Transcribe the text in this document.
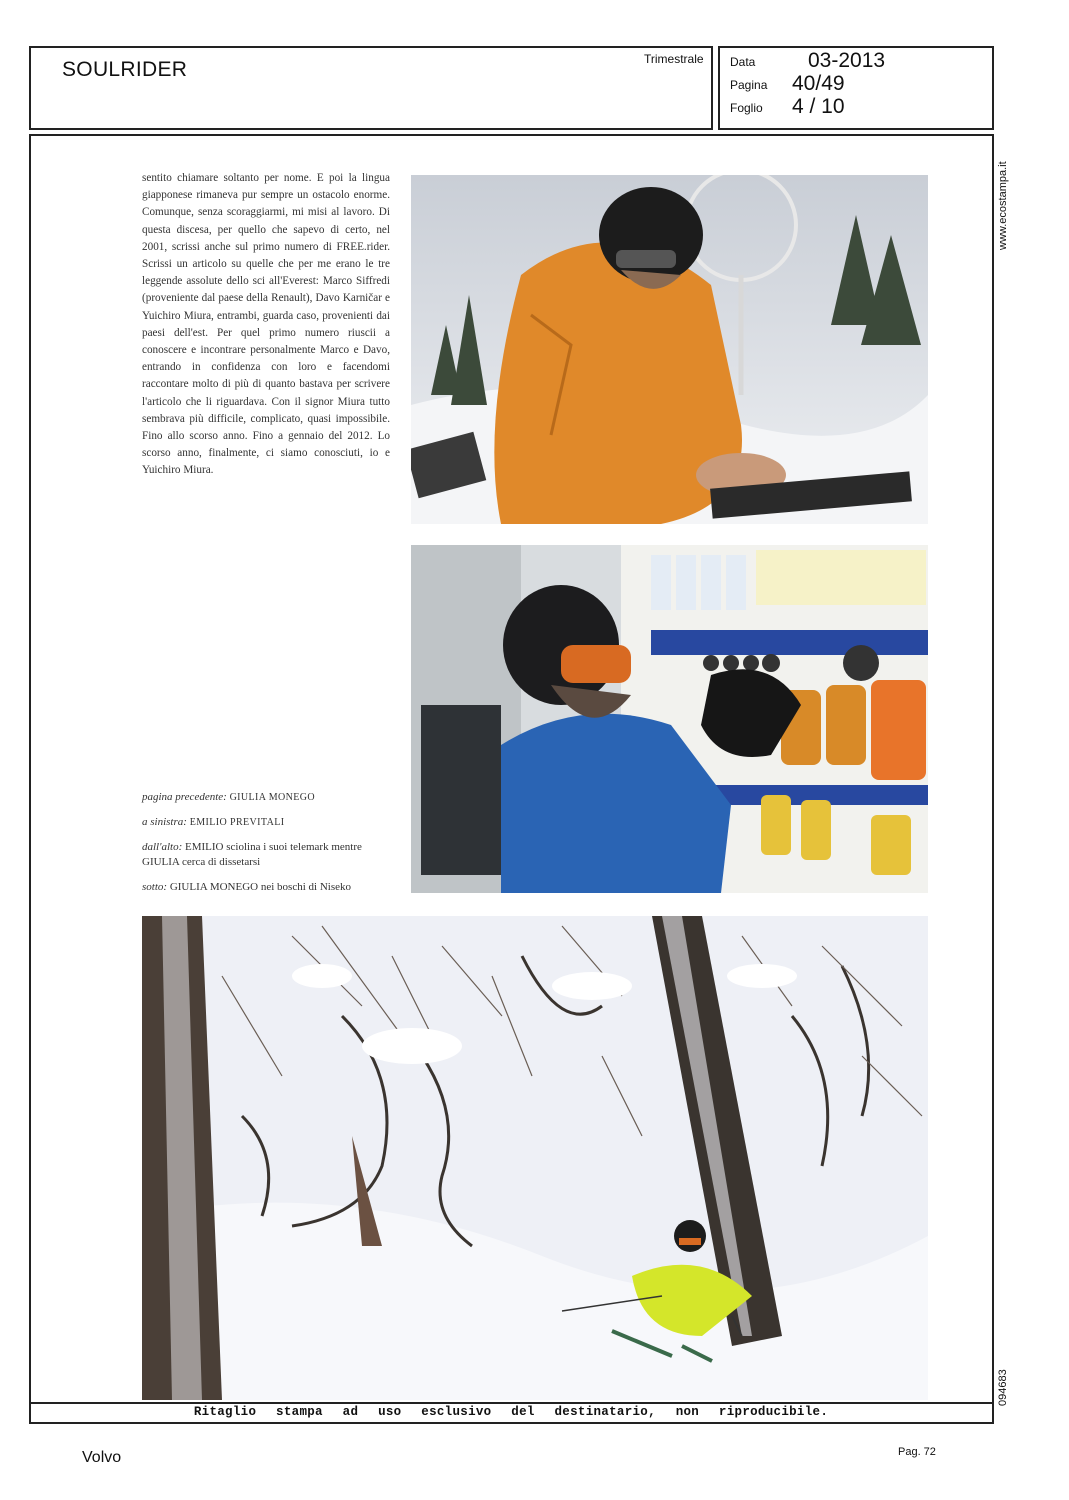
SOULRIDER	Trimestrale Data	03-2013
Pagina 40/49
Foglio 4 / 10
www.ecostampa.it
094683
sentito chiamare soltanto per nome. E poi la lingua giapponese rimaneva pur sempre un ostacolo enorme. Comunque, senza scoraggiarmi, mi misi al lavoro. Di questa discesa, per quello che sapevo di certo, nel 2001, scrissi anche sul primo numero di FREE.rider. Scrissi un articolo su quelle che per me erano le tre leggende assolute dello sci all'Everest: Marco Siffredi (proveniente dal paese della Renault), Davo Karničar e Yuichiro Miura, entrambi, guarda caso, provenienti dai paesi dell'est. Per quel primo numero riuscii a conoscere e incontrare personalmente Marco e Davo, entrando in confidenza con loro e facendomi raccontare molto di più di quanto bastava per scrivere l'articolo che li riguardava. Con il signor Miura tutto sembrava più difficile, complicato, quasi impossibile. Fino allo scorso anno. Fino a gennaio del 2012. Lo scorso anno, finalmente, ci siamo conosciuti, io e Yuichiro Miura.
pagina precedente: GIULIA MONEGO
a sinistra: EMILIO PREVITALI
dall'alto: EMILIO sciolina i suoi telemark mentre GIULIA cerca di dissetarsi
sotto: GIULIA MONEGO nei boschi di Niseko
Ritaglio stampa ad uso esclusivo del destinatario, non riproducibile.
Volvo	Pag. 72
